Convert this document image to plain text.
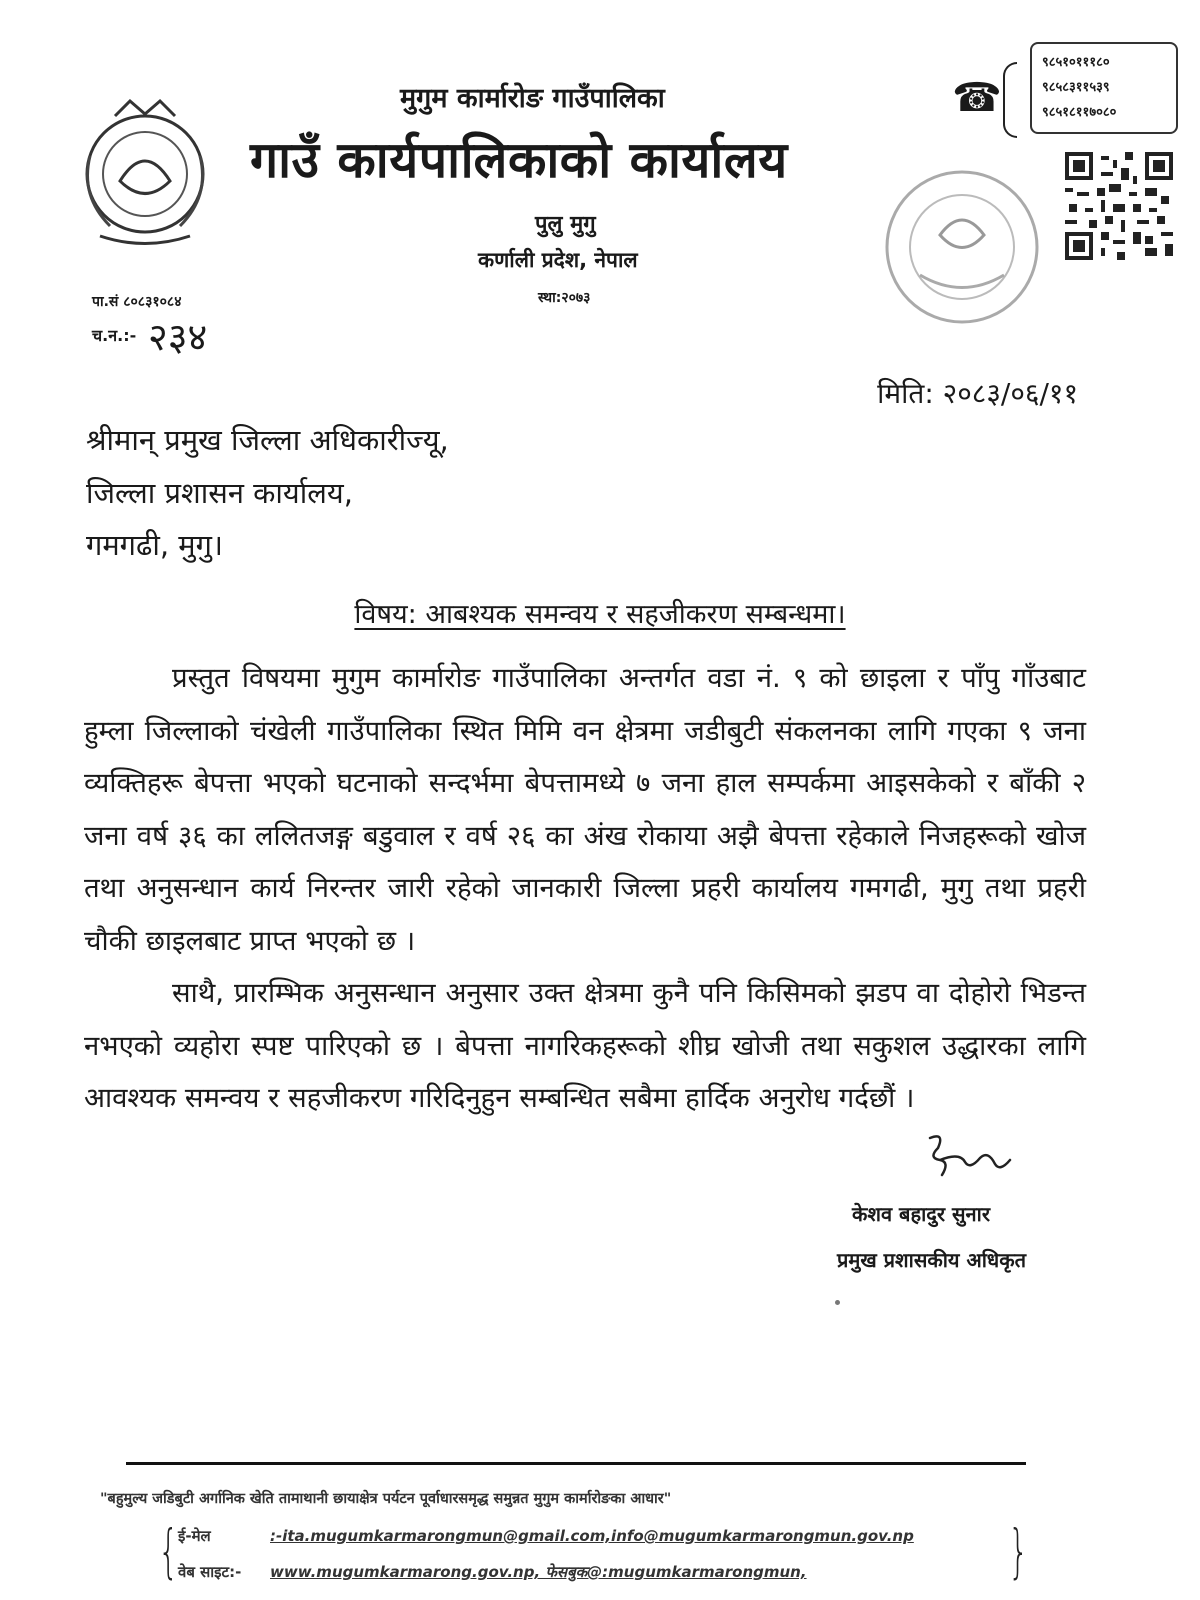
मुगुम कार्मारोङ गाउँपालिका
गाउँ कार्यपालिकाको कार्यालय
पुलु मुगु
कर्णाली प्रदेश, नेपाल
स्था:२०७३
☎
९८५१०१११८०
९८५८३११५३९
९८५१८११७०८०
पा.सं ८०८३१०८४
च.न.:- २३४
मिति: २०८३/०६/११
श्रीमान् प्रमुख जिल्ला अधिकारीज्यू,
जिल्ला प्रशासन कार्यालय,
गमगढी, मुगु।
विषय: आबश्यक समन्वय र सहजीकरण सम्बन्धमा।

प्रस्तुत विषयमा मुगुम कार्मारोङ गाउँपालिका अन्तर्गत वडा नं. ९ को छाइला र पाँपु गाँउबाट हुम्ला जिल्लाको चंखेली गाउँपालिका स्थित मिमि वन क्षेत्रमा जडीबुटी संकलनका लागि गएका ९ जना व्यक्तिहरू बेपत्ता भएको घटनाको सन्दर्भमा बेपत्तामध्ये ७ जना हाल सम्पर्कमा आइसकेको र बाँकी २ जना वर्ष ३६ का ललितजङ्ग बडुवाल र वर्ष २६ का अंख रोकाया अझै बेपत्ता रहेकाले निजहरूको खोज तथा अनुसन्धान कार्य निरन्तर जारी रहेको जानकारी जिल्ला प्रहरी कार्यालय गमगढी, मुगु तथा प्रहरी चौकी छाइलबाट प्राप्त भएको छ ।

साथै, प्रारम्भिक अनुसन्धान अनुसार उक्त क्षेत्रमा कुनै पनि किसिमको झडप वा दोहोरो भिडन्त नभएको व्यहोरा स्पष्ट पारिएको छ । बेपत्ता नागरिकहरूको शीघ्र खोजी तथा सकुशल उद्धारका लागि आवश्यक समन्वय र सहजीकरण गरिदिनुहुन सम्बन्धित सबैमा हार्दिक अनुरोध गर्दछौं ।

केशव बहादुर सुनार
प्रमुख प्रशासकीय अधिकृत
"बहुमुल्य जडिबुटी अर्गानिक खेति तामाथानी छायाक्षेत्र पर्यटन पूर्वाधारसमृद्ध समुन्नत मुगुम कार्मारोङका आधार"
{	}
ई-मेल	:-ita.mugumkarmarongmun@gmail.com,info@mugumkarmarongmun.gov.np
वेब साइट:- www.mugumkarmarong.gov.np, फेसबुक@:mugumkarmarongmun,
